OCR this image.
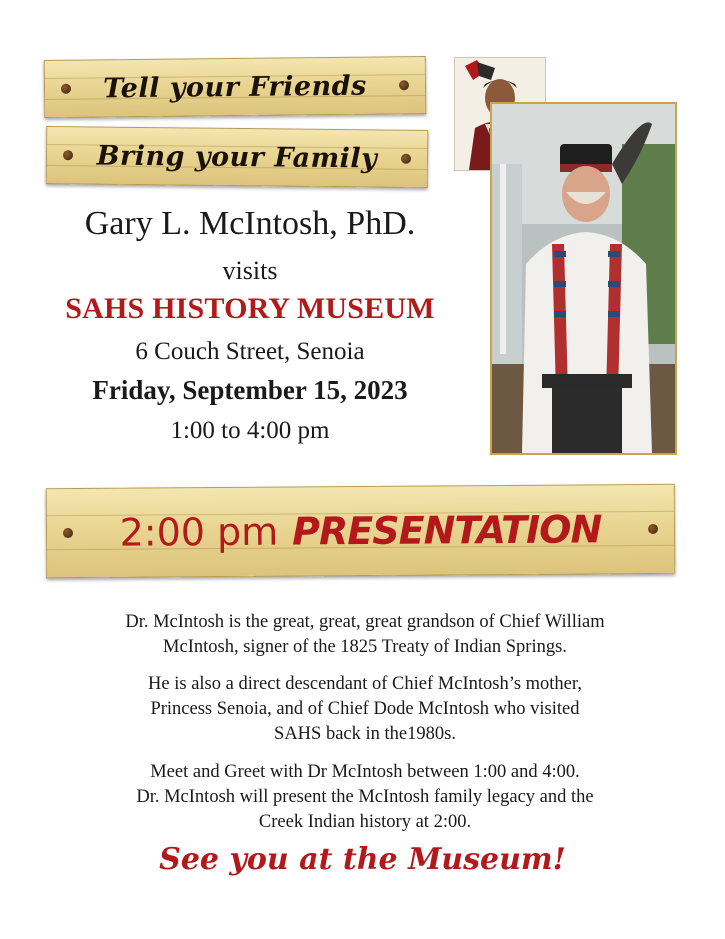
Tell your Friends
Bring your Family
Gary L. McIntosh, PhD.
visits
SAHS HISTORY MUSEUM
6 Couch Street, Senoia
Friday, September 15, 2023
1:00 to 4:00 pm
2:00 pm PRESENTATION
Dr. McIntosh is the great, great, great grandson of Chief William
McIntosh, signer of the 1825 Treaty of Indian Springs.
He is also a direct descendant of Chief McIntosh’s mother,
Princess Senoia, and of Chief Dode McIntosh who visited
SAHS back in the1980s.
Meet and Greet with Dr McIntosh between 1:00 and 4:00.
Dr. McIntosh will present the McIntosh family legacy and the
Creek Indian history at 2:00.
See you at the Museum!
